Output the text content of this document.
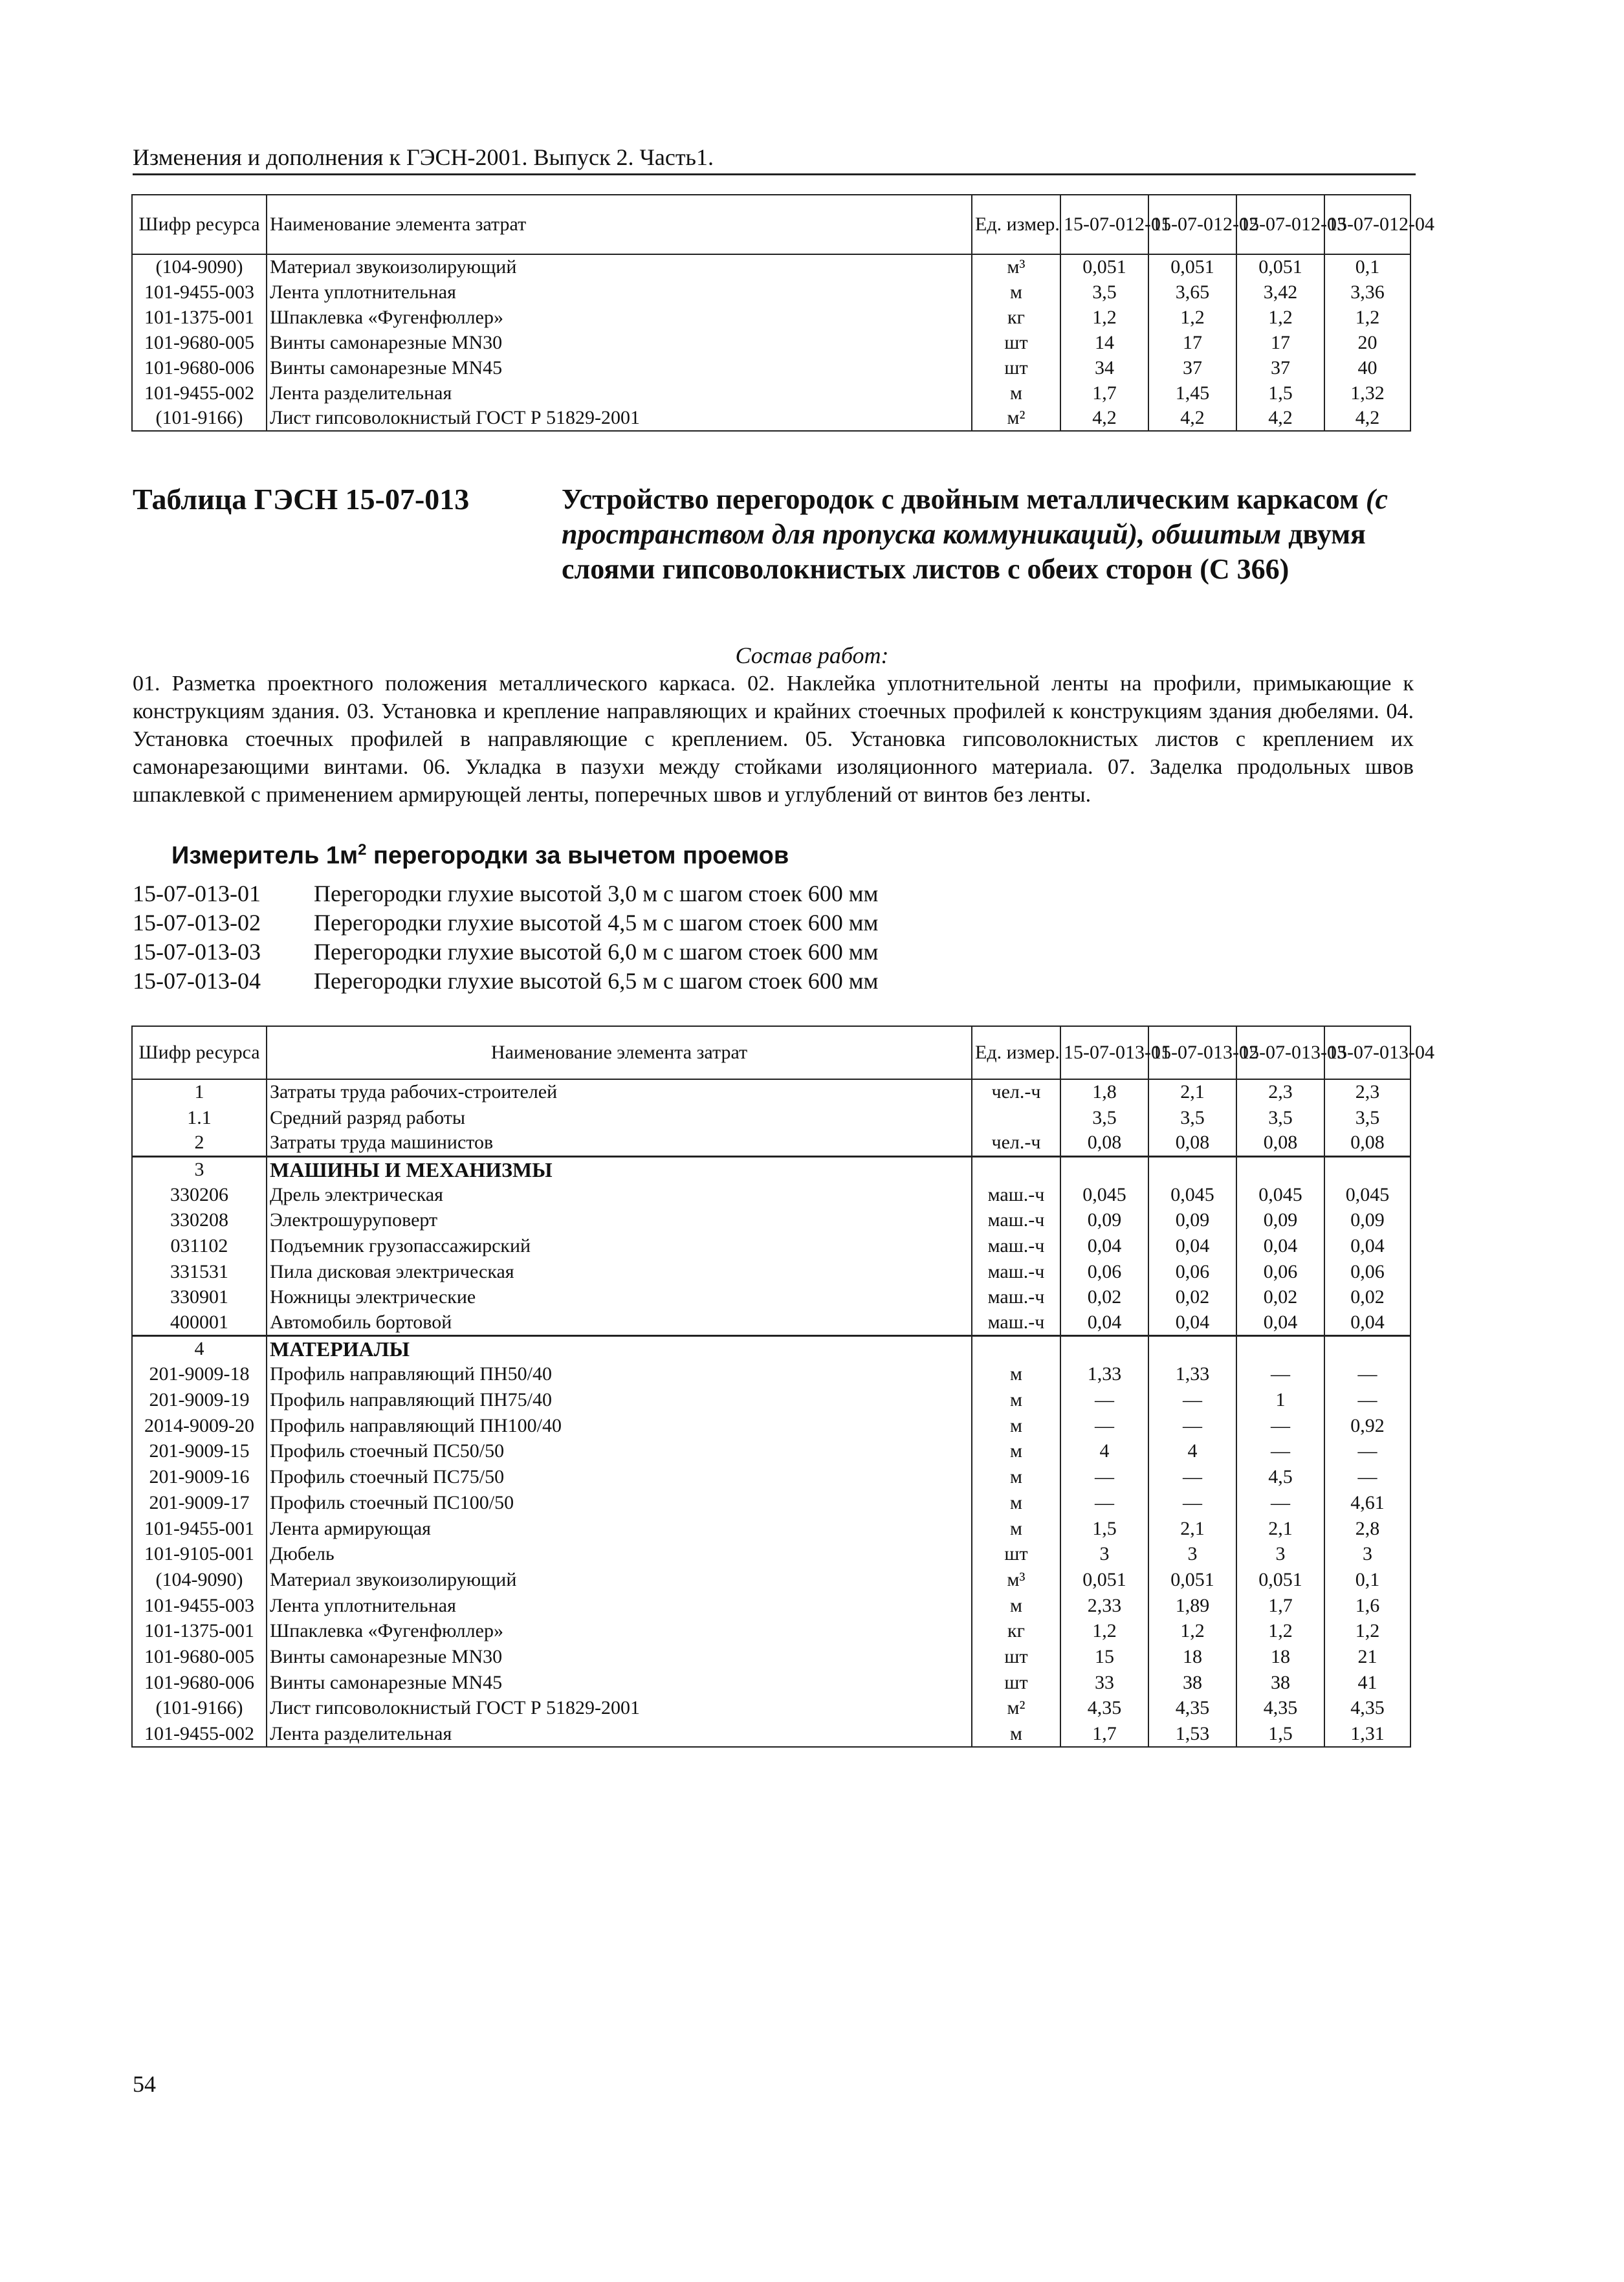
Изменения и дополнения к ГЭСН-2001. Выпуск 2. Часть1.
Шифр ресурса	Наименование элемента затрат	Ед. измер.	15-07-012-01	15-07-012-02	15-07-012-03	15-07-012-04
(104-9090)	Материал звукоизолирующий	м³	0,051	0,051	0,051	0,1
101-9455-003	Лента уплотнительная	м	3,5	3,65	3,42	3,36
101-1375-001	Шпаклевка «Фугенфюллер»	кг	1,2	1,2	1,2	1,2
101-9680-005	Винты самонарезные MN30	шт	14	17	17	20
101-9680-006	Винты самонарезные MN45	шт	34	37	37	40
101-9455-002	Лента разделительная	м	1,7	1,45	1,5	1,32
(101-9166)	Лист гипсоволокнистый ГОСТ Р 51829-2001	м²	4,2	4,2	4,2	4,2
Таблица ГЭСН 15-07-013	Устройство перегородок с двойным металлическим каркасом (с пространством для пропуска коммуникаций), обшитым двумя слоями гипсоволокнистых листов с обеих сторон (С 366)
Состав работ:
01. Разметка проектного положения металлического каркаса. 02. Наклейка уплотнительной ленты на профили, примыкающие к конструкциям здания. 03. Установка и крепление направляющих и крайних стоечных профилей к конструкциям здания дюбелями. 04. Установка стоечных профилей в направляющие с креплением. 05. Установка гипсоволокнистых листов с креплением их самонарезающими винтами. 06. Укладка в пазухи между стойками изоляционного материала. 07. Заделка продольных швов шпаклевкой с применением армирующей ленты, поперечных швов и углублений от винтов без ленты.
Измеритель $1м^2$ перегородки за вычетом проемов
15-07-013-01 Перегородки глухие высотой 3,0 м с шагом стоек 600 мм
15-07-013-02 Перегородки глухие высотой 4,5 м с шагом стоек 600 мм
15-07-013-03 Перегородки глухие высотой 6,0 м с шагом стоек 600 мм
15-07-013-04 Перегородки глухие высотой 6,5 м с шагом стоек 600 мм
Шифр ресурса	Наименование элемента затрат	Ед. измер.	15-07-013-01	15-07-013-02	15-07-013-03	15-07-013-04
1	Затраты труда рабочих-строителей	чел.-ч	1,8	2,1	2,3	2,3
1.1	Средний разряд работы		3,5	3,5	3,5	3,5
2	Затраты труда машинистов	чел.-ч	0,08	0,08	0,08	0,08
3	МАШИНЫ И МЕХАНИЗМЫ					
330206	Дрель электрическая	маш.-ч	0,045	0,045	0,045	0,045
330208	Электрошуруповерт	маш.-ч	0,09	0,09	0,09	0,09
031102	Подъемник грузопассажирский	маш.-ч	0,04	0,04	0,04	0,04
331531	Пила дисковая электрическая	маш.-ч	0,06	0,06	0,06	0,06
330901	Ножницы электрические	маш.-ч	0,02	0,02	0,02	0,02
400001	Автомобиль бортовой	маш.-ч	0,04	0,04	0,04	0,04
4	МАТЕРИАЛЫ					
201-9009-18	Профиль направляющий ПН50/40	м	1,33	1,33	—	—
201-9009-19	Профиль направляющий ПН75/40	м	—	—	1	—
2014-9009-20	Профиль направляющий ПН100/40	м	—	—	—	0,92
201-9009-15	Профиль стоечный ПС50/50	м	4	4	—	—
201-9009-16	Профиль стоечный ПС75/50	м	—	—	4,5	—
201-9009-17	Профиль стоечный ПС100/50	м	—	—	—	4,61
101-9455-001	Лента армирующая	м	1,5	2,1	2,1	2,8
101-9105-001	Дюбель	шт	3	3	3	3
(104-9090)	Материал звукоизолирующий	м³	0,051	0,051	0,051	0,1
101-9455-003	Лента уплотнительная	м	2,33	1,89	1,7	1,6
101-1375-001	Шпаклевка «Фугенфюллер»	кг	1,2	1,2	1,2	1,2
101-9680-005	Винты самонарезные MN30	шт	15	18	18	21
101-9680-006	Винты самонарезные MN45	шт	33	38	38	41
(101-9166)	Лист гипсоволокнистый ГОСТ Р 51829-2001	м²	4,35	4,35	4,35	4,35
101-9455-002	Лента разделительная	м	1,7	1,53	1,5	1,31
54
